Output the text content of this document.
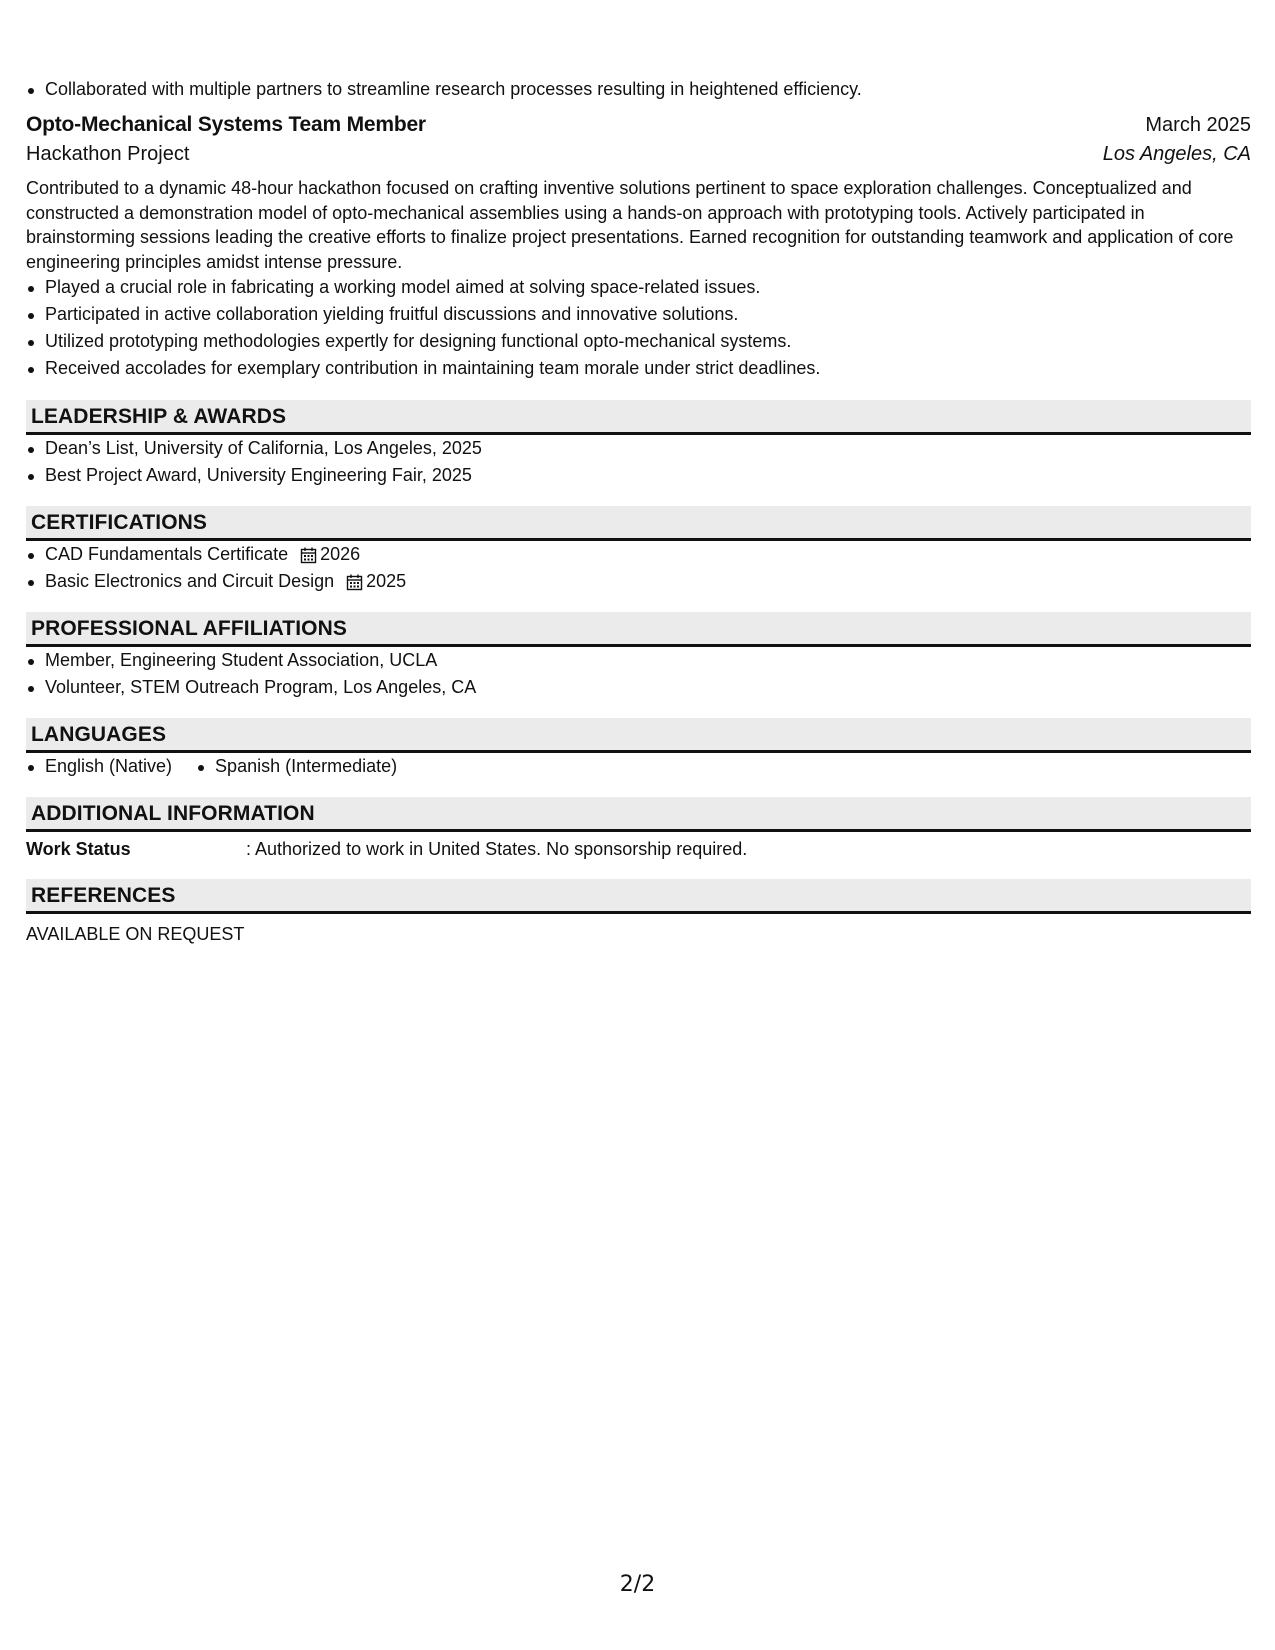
Collaborated with multiple partners to streamline research processes resulting in heightened efficiency.
Opto-Mechanical Systems Team Member	March 2025
Hackathon Project	Los Angeles, CA
Contributed to a dynamic 48-hour hackathon focused on crafting inventive solutions pertinent to space exploration challenges. Conceptualized and constructed a demonstration model of opto-mechanical assemblies using a hands-on approach with prototyping tools. Actively participated in brainstorming sessions leading the creative efforts to finalize project presentations. Earned recognition for outstanding teamwork and application of core engineering principles amidst intense pressure.
Played a crucial role in fabricating a working model aimed at solving space-related issues.
Participated in active collaboration yielding fruitful discussions and innovative solutions.
Utilized prototyping methodologies expertly for designing functional opto-mechanical systems.
Received accolades for exemplary contribution in maintaining team morale under strict deadlines.
LEADERSHIP & AWARDS
Dean’s List, University of California, Los Angeles, 2025
Best Project Award, University Engineering Fair, 2025
CERTIFICATIONS
CAD Fundamentals Certificate 2026
Basic Electronics and Circuit Design 2025
PROFESSIONAL AFFILIATIONS
Member, Engineering Student Association, UCLA
Volunteer, STEM Outreach Program, Los Angeles, CA
LANGUAGES
English (Native)	Spanish (Intermediate)
ADDITIONAL INFORMATION
Work Status	: Authorized to work in United States. No sponsorship required.
REFERENCES
AVAILABLE ON REQUEST
2/2
